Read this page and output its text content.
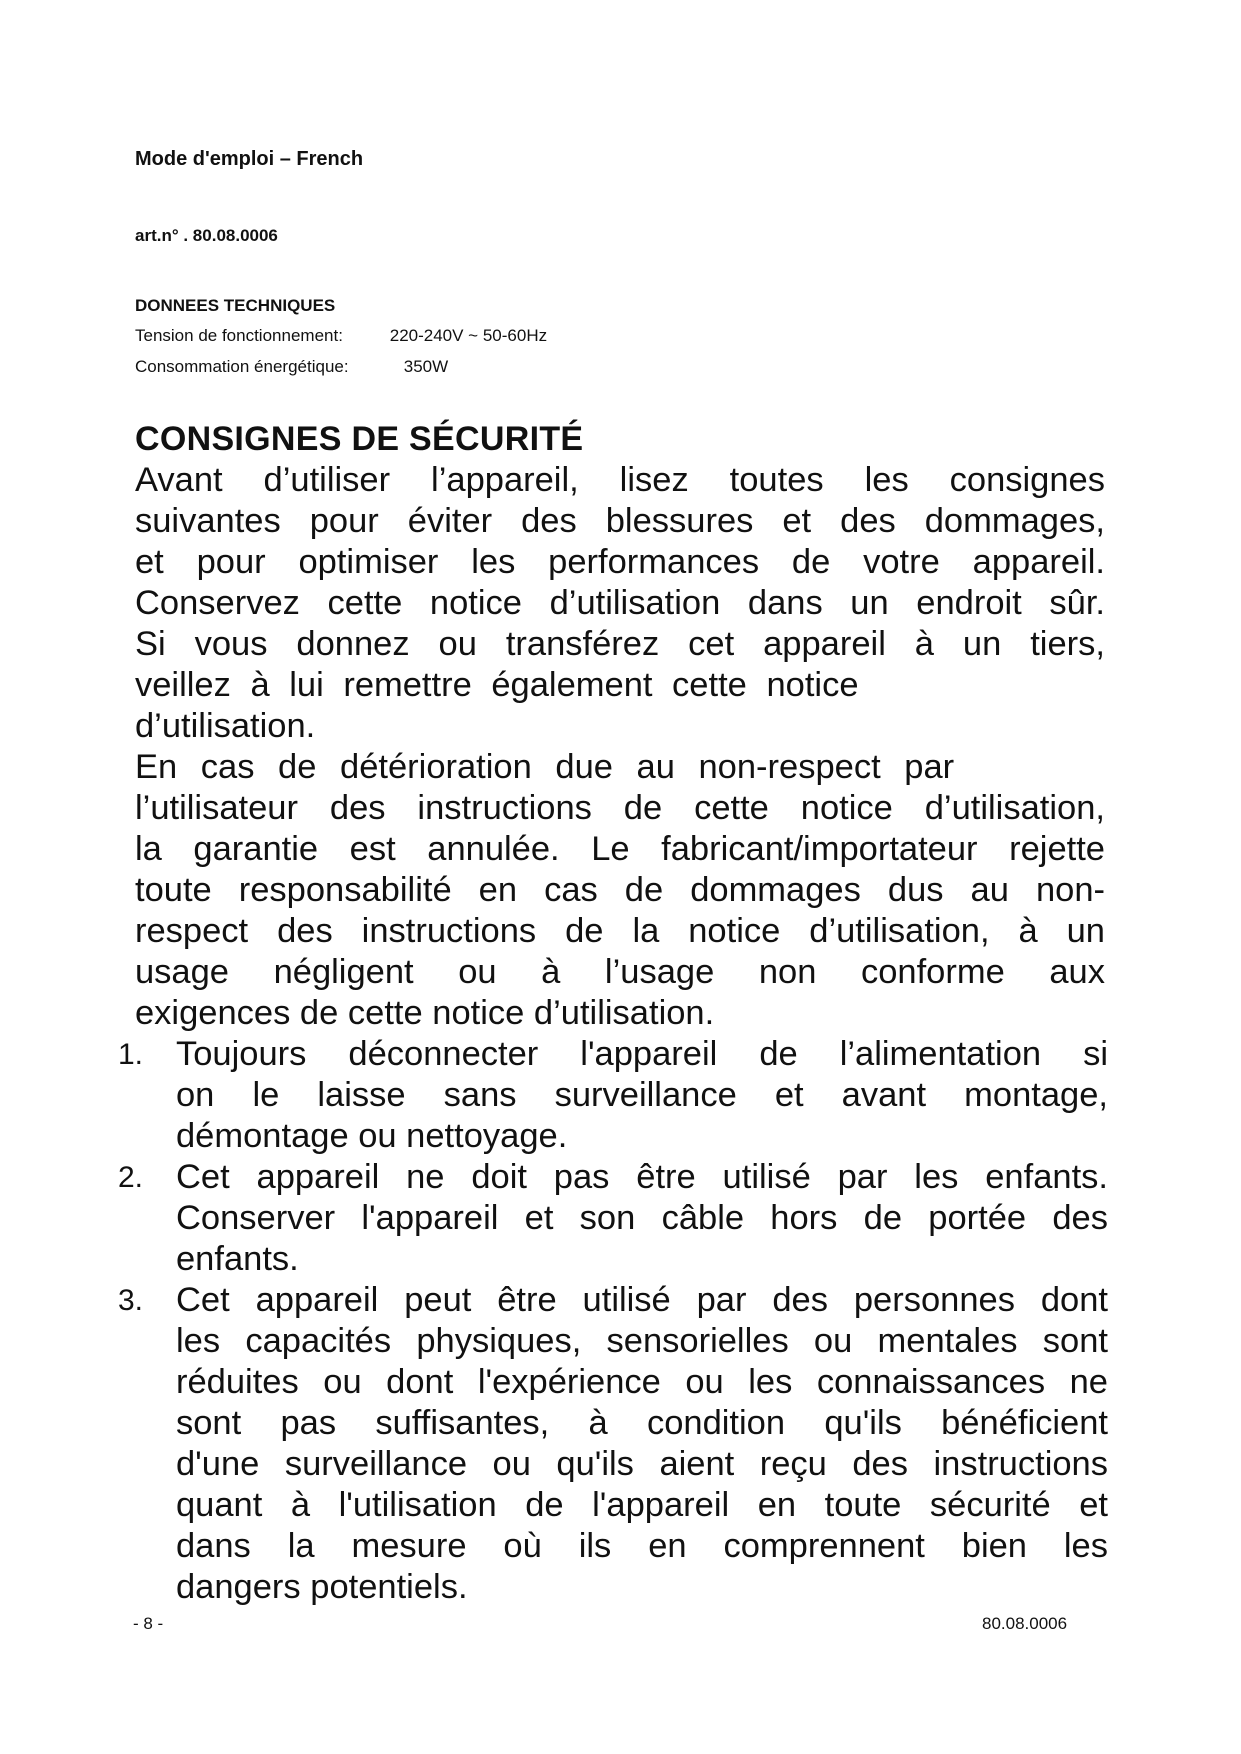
Mode d'emploi – French
art.n° . 80.08.0006
DONNEES TECHNIQUES
Tension de fonctionnement:	220-240V ~ 50-60Hz
Consommation énergétique:	350W
CONSIGNES DE SÉCURITÉ
Avant d’utiliser l’appareil, lisez toutes les consignes
suivantes pour éviter des blessures et des dommages,
et pour optimiser les performances de votre appareil.
Conservez cette notice d’utilisation dans un endroit sûr.
Si vous donnez ou transférez cet appareil à un tiers,
veillez à lui remettre également cette notice
d’utilisation.
En cas de détérioration due au non-respect par
l’utilisateur des instructions de cette notice d’utilisation,
la garantie est annulée. Le fabricant/importateur rejette
toute responsabilité en cas de dommages dus au non-
respect des instructions de la notice d’utilisation, à un
usage négligent ou à l’usage non conforme aux
exigences de cette notice d’utilisation.
1. Toujours déconnecter l'appareil de l’alimentation si
on le laisse sans surveillance et avant montage,
démontage ou nettoyage.
2. Cet appareil ne doit pas être utilisé par les enfants.
Conserver l'appareil et son câble hors de portée des
enfants.
3. Cet appareil peut être utilisé par des personnes dont
les capacités physiques, sensorielles ou mentales sont
réduites ou dont l'expérience ou les connaissances ne
sont pas suffisantes, à condition qu'ils bénéficient
d'une surveillance ou qu'ils aient reçu des instructions
quant à l'utilisation de l'appareil en toute sécurité et
dans la mesure où ils en comprennent bien les
dangers potentiels.
- 8 -	80.08.0006
